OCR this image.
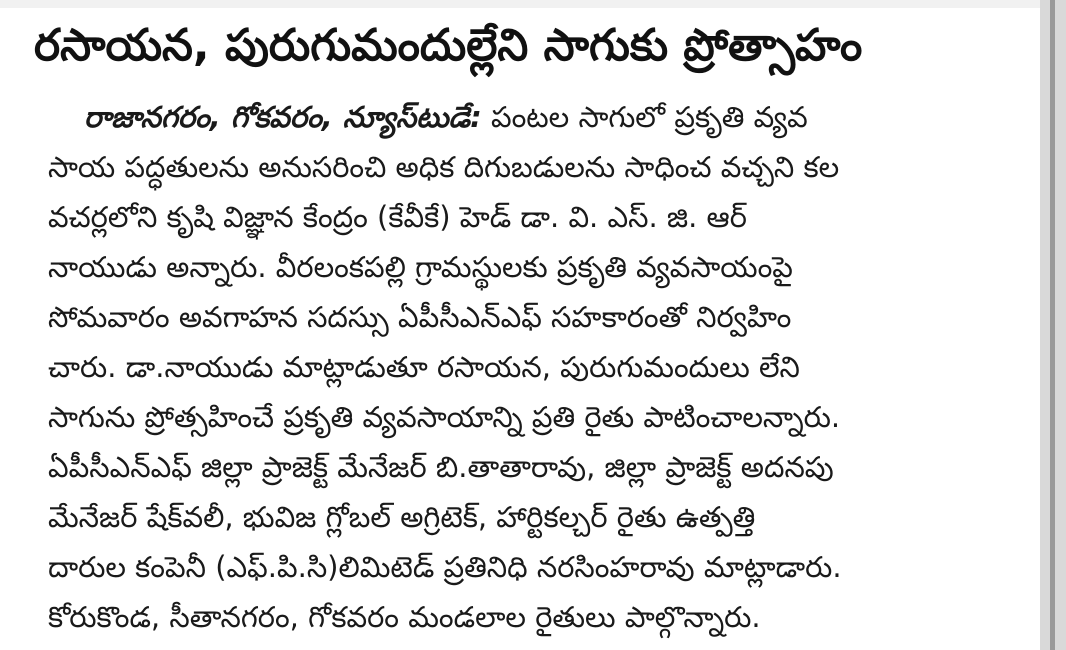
రసాయన, పురుగుమందుల్లేని సాగుకు ప్రోత్సాహం
రాజానగరం, గోకవరం, న్యూస్‌టుడే: పంటల సాగులో ప్రకృతి వ్యవ
సాయ పద్ధతులను అనుసరించి అధిక దిగుబడులను సాధించ వచ్చని కల
వచర్లలోని కృషి విజ్ఞాన కేంద్రం (కేవీకే) హెడ్ డా. వి. ఎస్. జి. ఆర్
నాయుడు అన్నారు. వీరలంకపల్లి గ్రామస్థులకు ప్రకృతి వ్యవసాయంపై
సోమవారం అవగాహన సదస్సు ఏపీసీఎన్ఎఫ్ సహకారంతో నిర్వహిం
చారు. డా.నాయుడు మాట్లాడుతూ రసాయన, పురుగుమందులు లేని
సాగును ప్రోత్సహించే ప్రకృతి వ్యవసాయాన్ని ప్రతి రైతు పాటించాలన్నారు.
ఏపీసీఎన్ఎఫ్ జిల్లా ప్రాజెక్ట్ మేనేజర్ బి.తాతారావు, జిల్లా ప్రాజెక్ట్ అదనపు
మేనేజర్ షేక్‌వలీ, భువిజ గ్లోబల్ అగ్రిటెక్, హార్టికల్చర్ రైతు ఉత్పత్తి
దారుల కంపెనీ (ఎఫ్.పి.సి)లిమిటెడ్ ప్రతినిధి నరసింహరావు మాట్లాడారు.
కోరుకొండ, సీతానగరం, గోకవరం మండలాల రైతులు పాల్గొన్నారు.
